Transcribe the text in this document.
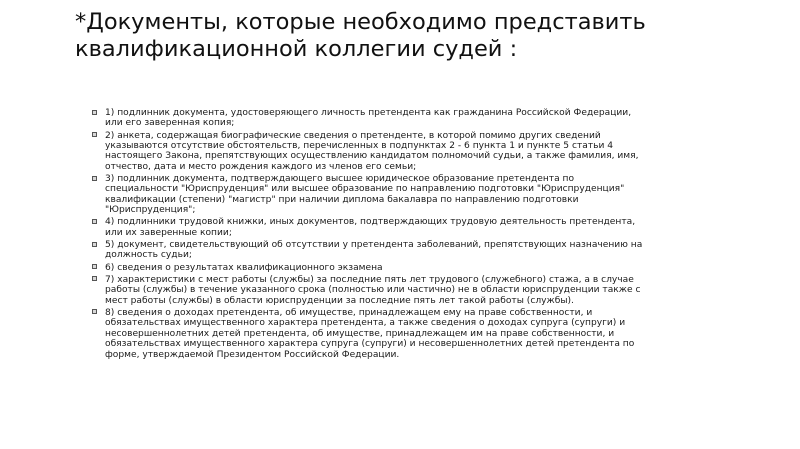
*Документы, которые необходимо представить квалификационной коллегии судей :
1) подлинник документа, удостоверяющего личность претендента как гражданина Российской Федерации, или его заверенная копия;
2) анкета, содержащая биографические сведения о претенденте, в которой помимо других сведений указываются отсутствие обстоятельств, перечисленных в подпунктах 2 - 6 пункта 1 и пункте 5 статьи 4 настоящего Закона, препятствующих осуществлению кандидатом полномочий судьи, а также фамилия, имя, отчество, дата и место рождения каждого из членов его семьи;
3) подлинник документа, подтверждающего высшее юридическое образование претендента по специальности "Юриспруденция" или высшее образование по направлению подготовки "Юриспруденция" квалификации (степени) "магистр" при наличии диплома бакалавра по направлению подготовки "Юриспруденция";
4) подлинники трудовой книжки, иных документов, подтверждающих трудовую деятельность претендента, или их заверенные копии;
5) документ, свидетельствующий об отсутствии у претендента заболеваний, препятствующих назначению на должность судьи;
6) сведения о результатах квалификационного экзамена
7) характеристики с мест работы (службы) за последние пять лет трудового (служебного) стажа, а в случае работы (службы) в течение указанного срока (полностью или частично) не в области юриспруденции также с мест работы (службы) в области юриспруденции за последние пять лет такой работы (службы).
8) сведения о доходах претендента, об имуществе, принадлежащем ему на праве собственности, и обязательствах имущественного характера претендента, а также сведения о доходах супруга (супруги) и несовершеннолетних детей претендента, об имуществе, принадлежащем им на праве собственности, и обязательствах имущественного характера супруга (супруги) и несовершеннолетних детей претендента по форме, утверждаемой Президентом Российской Федерации.
